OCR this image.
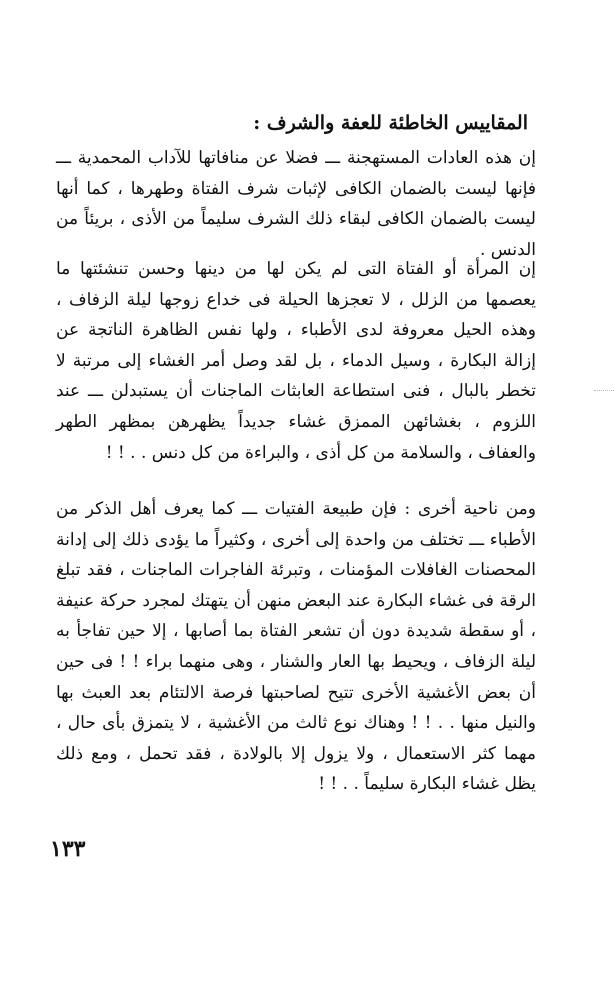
المقاييس الخاطئة للعفة والشرف :

إن هذه العادات المستهجنة ـــ فضلا عن منافاتها للآداب المحمدية ـــ فإنها ليست بالضمان الكافى لإثبات شرف الفتاة وطهرها ، كما أنها ليست بالضمان الكافى لبقاء ذلك الشرف سليماً من الأذى ، بريئاً من الدنس .

إن المرأة أو الفتاة التى لم يكن لها من دينها وحسن تنشئتها ما يعصمها من الزلل ، لا تعجزها الحيلة فى خداع زوجها ليلة الزفاف ، وهذه الحيل معروفة لدى الأطباء ، ولها نفس الظاهرة الناتجة عن إزالة البكارة ، وسيل الدماء ، بل لقد وصل أمر الغشاء إلى مرتبة لا تخطر بالبال ، فنى استطاعة العابثات الماجنات أن يستبدلن ـــ عند اللزوم ، بغشائهن الممزق غشاء جديداً يظهرهن بمظهر الطهر والعفاف ، والسلامة من كل أذى ، والبراءة من كل دنس . . ! !

ومن ناحية أخرى : فإن طبيعة الفتيات ـــ كما يعرف أهل الذكر من الأطباء ـــ تختلف من واحدة إلى أخرى ، وكثيراً ما يؤدى ذلك إلى إدانة المحصنات الغافلات المؤمنات ، وتبرئة الفاجرات الماجنات ، فقد تبلغ الرقة فى غشاء البكارة عند البعض منهن أن يتهتك لمجرد حركة عنيفة ، أو سقطة شديدة دون أن تشعر الفتاة بما أصابها ، إلا حين تفاجأ به ليلة الزفاف ، ويحيط بها العار والشنار ، وهى منهما براء ! ! فى حين أن بعض الأغشية الأخرى تتيح لصاحبتها فرصة الالتئام بعد العبث بها والنيل منها . . ! ! وهناك نوع ثالث من الأغشية ، لا يتمزق بأى حال ، مهما كثر الاستعمال ، ولا يزول إلا بالولادة ، فقد تحمل ، ومع ذلك يظل غشاء البكارة سليماً . . ! !

١٣٣
